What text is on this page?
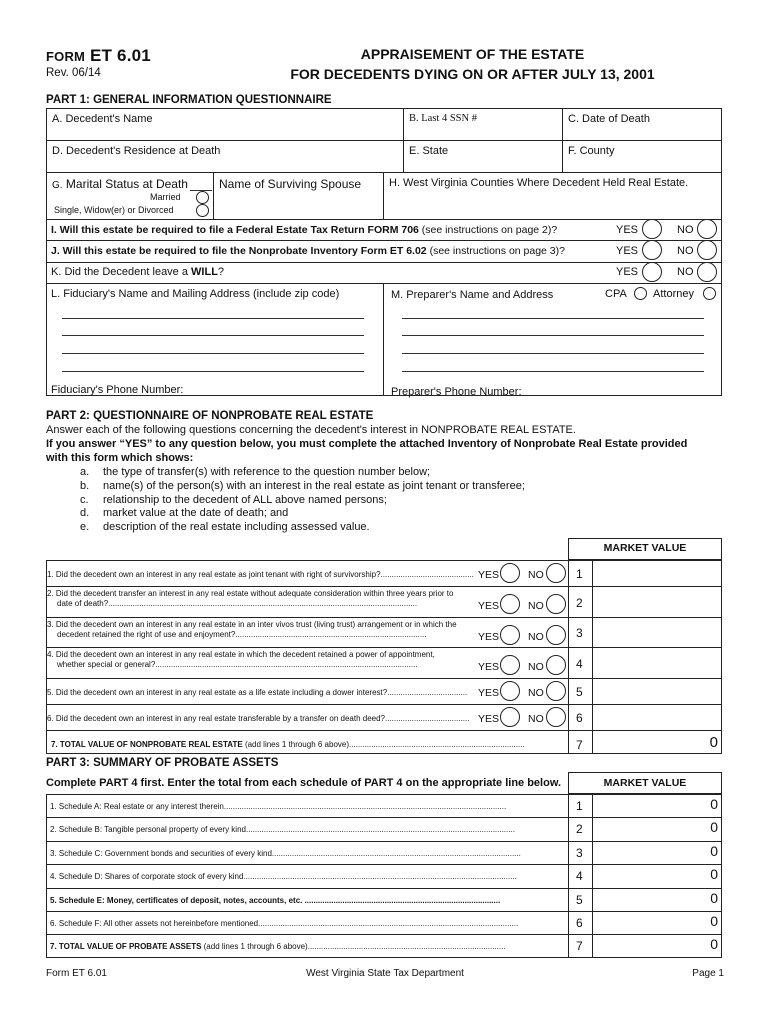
FORM ET 6.01
Rev. 06/14
APPRAISEMENT OF THE ESTATE
FOR DECEDENTS DYING ON OR AFTER JULY 13, 2001
PART 1: GENERAL INFORMATION QUESTIONNAIRE
A. Decedent's Name	B. Last 4 SSN #	C. Date of Death
D. Decedent's Residence at Death	E. State	F. County
G. Marital Status at Death
Married
Single, Widow(er) or Divorced
Name of Surviving Spouse	H. West Virginia Counties Where Decedent Held Real Estate.
I. Will this estate be required to file a Federal Estate Tax Return FORM 706 (see instructions on page 2)?	YES	NO
J. Will this estate be required to file the Nonprobate Inventory Form ET 6.02 (see instructions on page 3)?	YES	NO
K. Did the Decedent leave a WILL?	YES	NO
L. Fiduciary's Name and Mailing Address (include zip code)	M. Preparer's Name and Address	CPA Attorney
Fiduciary's Phone Number:	Preparer's Phone Number:
PART 2: QUESTIONNAIRE OF NONPROBATE REAL ESTATE
Answer each of the following questions concerning the decedent's interest in NONPROBATE REAL ESTATE.
If you answer “YES” to any question below, you must complete the attached Inventory of Nonprobate Real Estate provided
with this form which shows:
a. the type of transfer(s) with reference to the question number below;
b. name(s) of the person(s) with an interest in the real estate as joint tenant or transferee;
c. relationship to the decedent of ALL above named persons;
d. market value at the date of death; and
e. description of the real estate including assessed value.
MARKET VALUE
1. Did the decedent own an interest in any real estate as joint tenant with right of survivorship?.......................................... YES	NO	1
2. Did the decedent transfer an interest in any real estate without adequate consideration within three years prior to
date of death?...........................................................................................................................................	YES	NO	2
3. Did the decedent own an interest in any real estate in an inter vivos trust (living trust) arrangement or in which the
decedent retained the right of use and enjoyment?......................................................................................	YES	NO	3
4. Did the decedent own an interest in any real estate in which the decedent retained a power of appointment,
whether special or general?......................................................................................................................	YES	NO	4
5. Did the decedent own an interest in any real estate as a life estate including a dower interest?....................................	YES	NO	5
6. Did the decedent own an interest in any real estate transferable by a transfer on death deed?...................................... YES	NO	6
7. TOTAL VALUE OF NONPROBATE REAL ESTATE (add lines 1 through 6 above)...............................................................................	7	0
PART 3: SUMMARY OF PROBATE ASSETS
Complete PART 4 first. Enter the total from each schedule of PART 4 on the appropriate line below.	MARKET VALUE
1. Schedule A: Real estate or any interest therein...............................................................................................................................	1	0
2. Schedule B: Tangible personal property of every kind.........................................................................................................................	2	0
3. Schedule C: Government bonds and securities of every kind................................................................................................................	3	0
4. Schedule D: Shares of corporate stock of every kind...........................................................................................................................	4	0
5. Schedule E: Money, certificates of deposit, notes, accounts, etc. ........................................................................................	5	0
6. Schedule F: All other assets not hereinbefore mentioned.....................................................................................................................	6	0
7. TOTAL VALUE OF PROBATE ASSETS (add lines 1 through 6 above).........................................................................................	7	0
Form ET 6.01	West Virginia State Tax Department	Page 1
